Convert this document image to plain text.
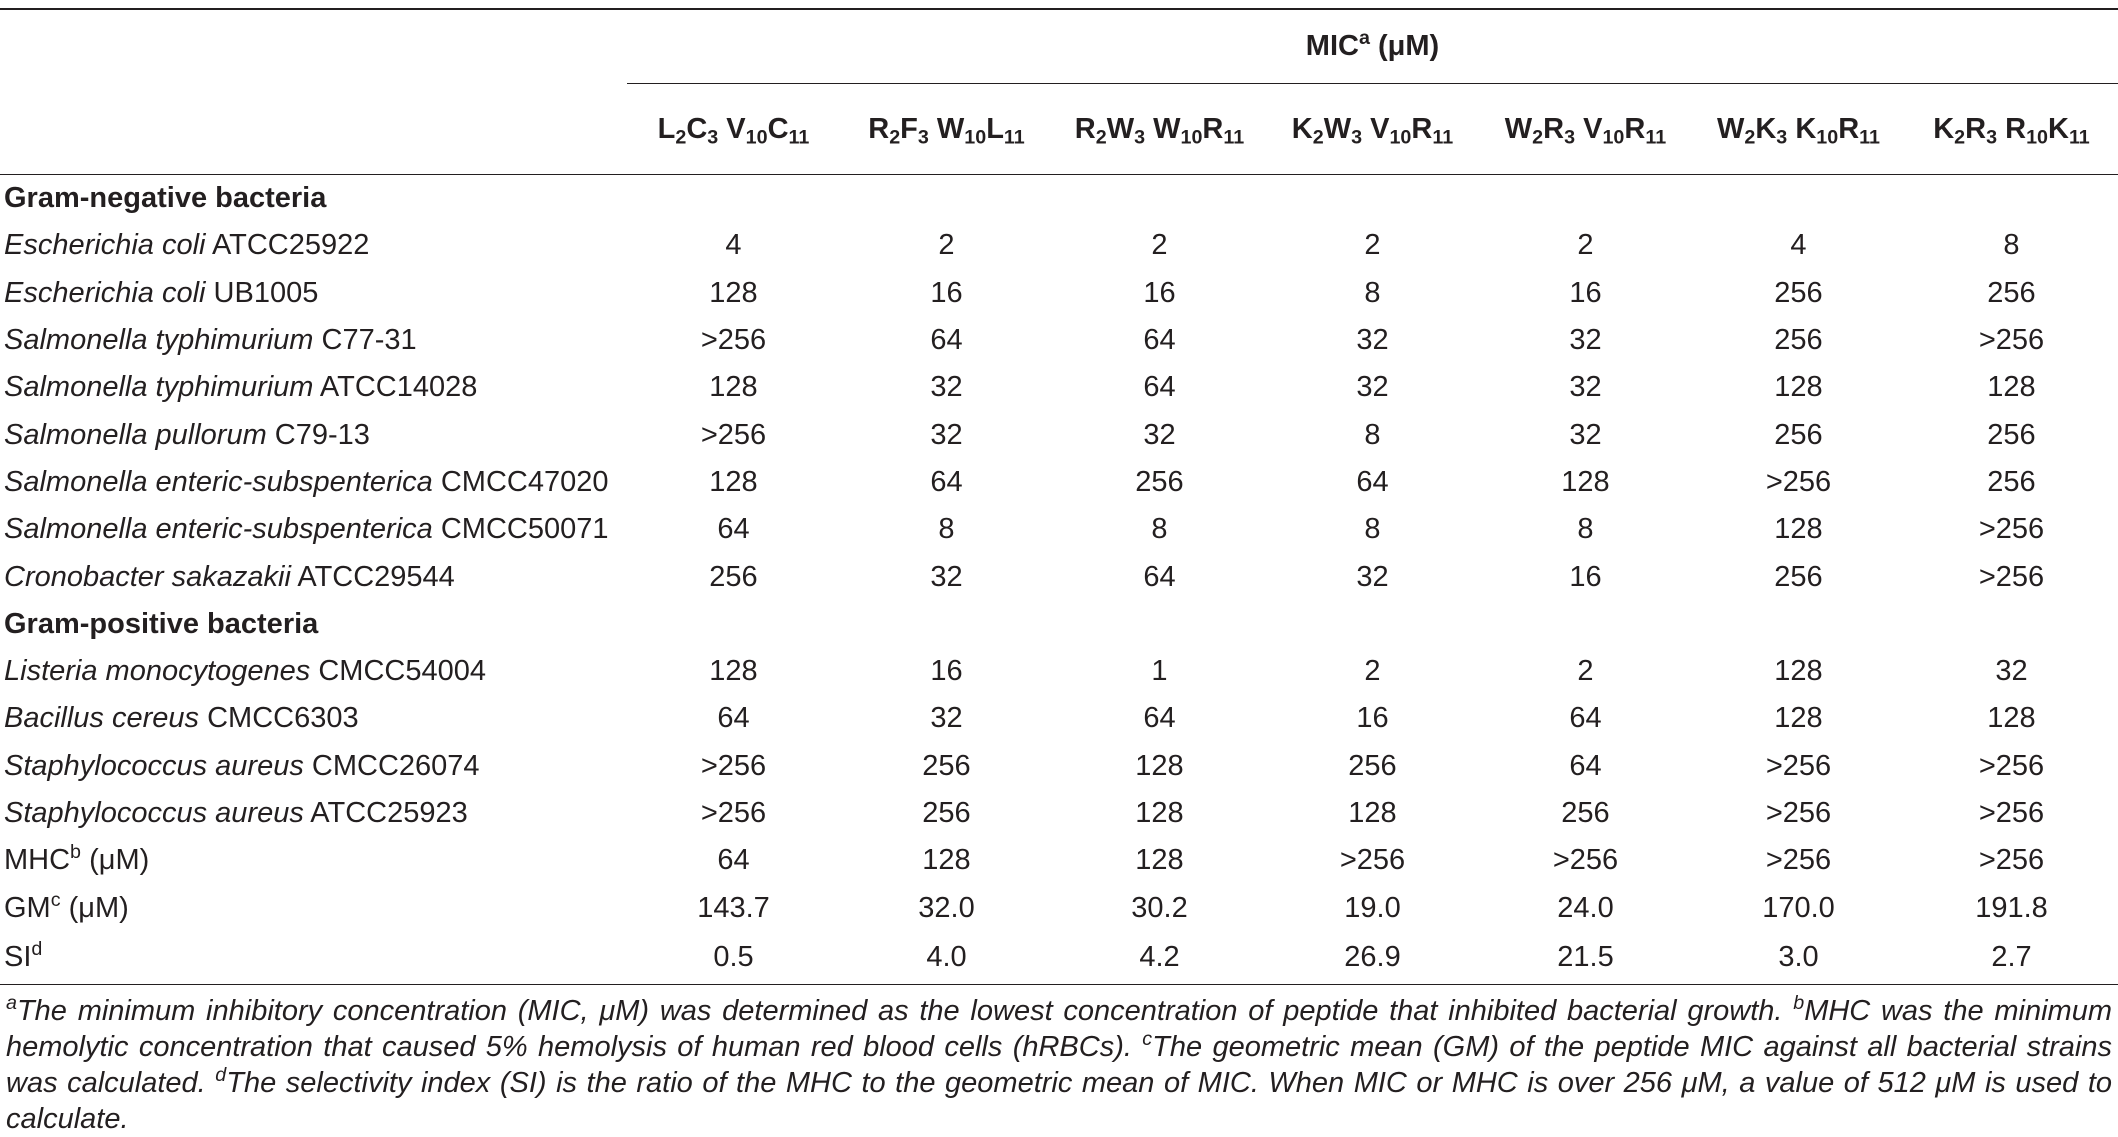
	MIC$^a$ (μM)						
	$L_2C_3$ $V_{10}C_{11}$	$R_2F_3$ $W_{10}L_{11}$	$R_2W_3$ $W_{10}R_{11}$	$K_2W_3$ $V_{10}R_{11}$	$W_2R_3$ $V_{10}R_{11}$	$W_2K_3$ $K_{10}R_{11}$	$K_2R_3$ $R_{10}K_{11}$
Gram-negative bacteria							
Escherichia coli ATCC25922	4	2	2	2	2	4	8
Escherichia coli UB1005	128	16	16	8	16	256	256
Salmonella typhimurium C77-31	>256	64	64	32	32	256	>256
Salmonella typhimurium ATCC14028	128	32	64	32	32	128	128
Salmonella pullorum C79-13	>256	32	32	8	32	256	256
Salmonella enteric-subspenterica CMCC47020	128	64	256	64	128	>256	256
Salmonella enteric-subspenterica CMCC50071	64	8	8	8	8	128	>256
Cronobacter sakazakii ATCC29544	256	32	64	32	16	256	>256
Gram-positive bacteria							
Listeria monocytogenes CMCC54004	128	16	1	2	2	128	32
Bacillus cereus CMCC6303	64	32	64	16	64	128	128
Staphylococcus aureus CMCC26074	>256	256	128	256	64	>256	>256
Staphylococcus aureus ATCC25923	>256	256	128	128	256	>256	>256
MHC$^b$ (μM)	64	128	128	>256	>256	>256	>256
$GM^c$ (μM)	143.7	32.0	30.2	19.0	24.0	170.0	191.8
$SI^d$	0.5	4.0	4.2	26.9	21.5	3.0	2.7
$^a$The minimum inhibitory concentration (MIC, μM) was determined as the lowest concentration of peptide that inhibited bacterial growth. $^b$MHC was the minimum hemolytic concentration that caused 5% hemolysis of human red blood cells (hRBCs). $^c$The geometric mean (GM) of the peptide MIC against all bacterial strains was calculated. $^d$The selectivity index (SI) is the ratio of the MHC to the geometric mean of MIC. When MIC or MHC is over 256 μM, a value of 512 μM is used to calculate.
